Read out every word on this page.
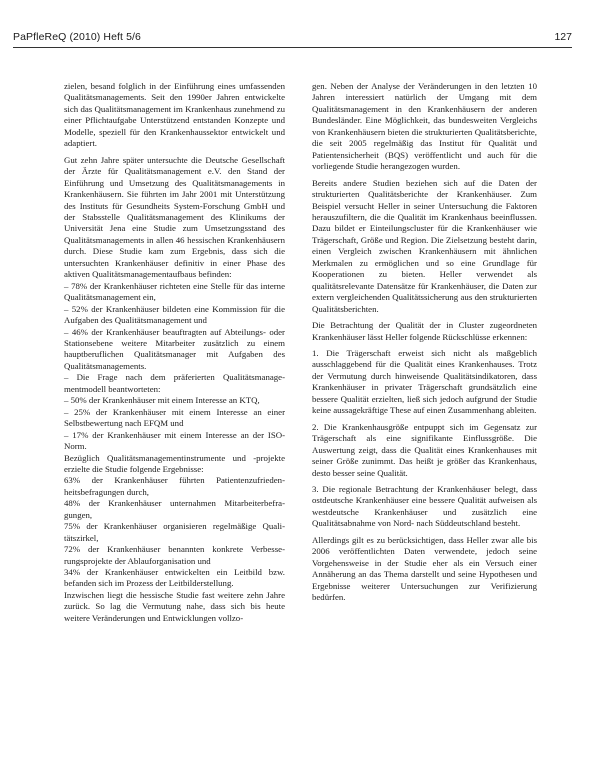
PaPfleReQ (2010) Heft 5/6	127

zielen, besand folglich in der Einführung eines umfassenden Qualitätsmanagements. Seit den 1990er Jahren entwickelte sich das Qualitätsmanagement im Krankenhaus zunehmend zu einer Pflichtaufgabe Unterstützend entstanden Konzepte und Modelle, speziell für den Krankenhaussektor entwickelt und adaptiert.

Gut zehn Jahre später untersuchte die Deutsche Gesellschaft der Ärzte für Qualitätsmanagement e.V. den Stand der Einführung und Umsetzung des Qualitätsmanagements in Krankenhäusern. Sie führten im Jahr 2001 mit Unterstützung des Instituts für Gesundheits System-Forschung GmbH und der Stabsstelle Qualitätsmanagement des Klinikums der Universität Jena eine Studie zum Umsetzungsstand des Qualitätsmanagements in allen 46 hessischen Krankenhäusern durch. Diese Studie kam zum Ergebnis, dass sich die untersuchten Krankenhäuser definitiv in einer Phase des aktiven Qualitätsmanagementaufbaus befinden:

– 78% der Krankenhäuser richteten eine Stelle für das interne Qualitätsmanagement ein,

– 52% der Krankenhäuser bildeten eine Kommission für die Aufgaben des Qualitätsmanagement und

– 46% der Krankenhäuser beauftragten auf Abteilungs- oder Stationsebene weitere Mitarbeiter zusätzlich zu einem hauptberuflichen Qualitätsmanager mit Aufgaben des Qualitätsmanagements.

– Die Frage nach dem präferierten Qualitätsmanagementmodell beantworteten:

– 50% der Krankenhäuser mit einem Interesse an KTQ,

– 25% der Krankenhäuser mit einem Interesse an einer Selbstbewertung nach EFQM und

– 17% der Krankenhäuser mit einem Interesse an der ISO-Norm.

Bezüglich Qualitätsmanagementinstrumente und -projekte erzielte die Studie folgende Ergebnisse:

63% der Krankenhäuser führten Patientenzufriedenheitsbefragungen durch,

48% der Krankenhäuser unternahmen Mitarbeiterbefragungen,

75% der Krankenhäuser organisieren regelmäßige Qualitätszirkel,

72% der Krankenhäuser benannten konkrete Verbesserungsprojekte der Ablauforganisation und

34% der Krankenhäuser entwickelten ein Leitbild bzw. befanden sich im Prozess der Leitbilderstellung.

Inzwischen liegt die hessische Studie fast weitere zehn Jahre zurück. So lag die Vermutung nahe, dass sich bis heute weitere Veränderungen und Entwicklungen vollzo-

gen. Neben der Analyse der Veränderungen in den letzten 10 Jahren interessiert natürlich der Umgang mit dem Qualitätsmanagement in den Krankenhäusern der anderen Bundesländer. Eine Möglichkeit, das bundesweiten Vergleichs von Krankenhäusern bieten die strukturierten Qualitätsberichte, die seit 2005 regelmäßig das Institut für Qualität und Patientensicherheit (BQS) veröffentlicht und auch für die vorliegende Studie herangezogen wurden.

Bereits andere Studien beziehen sich auf die Daten der strukturierten Qualitätsberichte der Krankenhäuser. Zum Beispiel versucht Heller in seiner Untersuchung die Faktoren herauszufiltern, die die Qualität im Krankenhaus beeinflussen. Dazu bildet er Einteilungscluster für die Krankenhäuser wie Trägerschaft, Größe und Region. Die Zielsetzung besteht darin, einen Vergleich zwischen Krankenhäusern mit ähnlichen Merkmalen zu ermöglichen und so eine Grundlage für Kooperationen zu bieten. Heller verwendet als qualitätsrelevante Datensätze für Krankenhäuser, die Daten zur extern vergleichenden Qualitätssicherung aus den strukturierten Qualitätsberichten.

Die Betrachtung der Qualität der in Cluster zugeordneten Krankenhäuser lässt Heller folgende Rückschlüsse erkennen:

1. Die Trägerschaft erweist sich nicht als maßgeblich ausschlaggebend für die Qualität eines Krankenhauses. Trotz der Vermutung durch hinweisende Qualitätsindikatoren, dass Krankenhäuser in privater Trägerschaft grundsätzlich eine bessere Qualität erzielten, ließ sich jedoch aufgrund der Studie keine aussagekräftige These auf einen Zusammenhang ableiten.

2. Die Krankenhausgröße entpuppt sich im Gegensatz zur Trägerschaft als eine signifikante Einflussgröße. Die Auswertung zeigt, dass die Qualität eines Krankenhauses mit seiner Größe zunimmt. Das heißt je größer das Krankenhaus, desto besser seine Qualität.

3. Die regionale Betrachtung der Krankenhäuser belegt, dass ostdeutsche Krankenhäuser eine bessere Qualität aufweisen als westdeutsche Krankenhäuser und zusätzlich eine Qualitätsabnahme von Nord- nach Süddeutschland besteht.

Allerdings gilt es zu berücksichtigen, dass Heller zwar alle bis 2006 veröffentlichten Daten verwendete, jedoch seine Vorgehensweise in der Studie eher als ein Versuch einer Annäherung an das Thema darstellt und seine Hypothesen und Ergebnisse weiterer Untersuchungen zur Verifizierung bedürfen.
